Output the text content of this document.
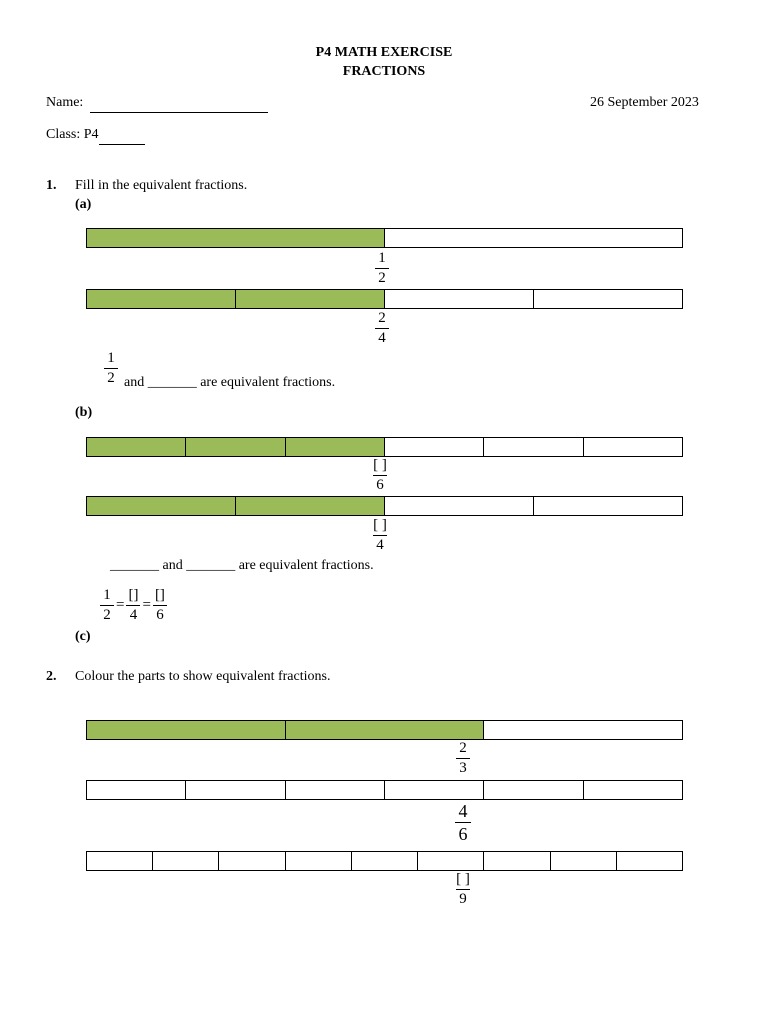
P4 MATH EXERCISE
FRACTIONS
Name:	26 September 2023
Class: P4
1. Fill in the equivalent fractions.
(a)
1
2
2
4
1
2 and _______ are equivalent fractions.
(b)
[ ]
6
[ ]
4
_______ and _______ are equivalent fractions.
$\frac{1}{2} = \frac{[]}{4} = \frac{[]}{6}$
(c)
2. Colour the parts to show equivalent fractions.
2
3
4
6
[ ]
9
